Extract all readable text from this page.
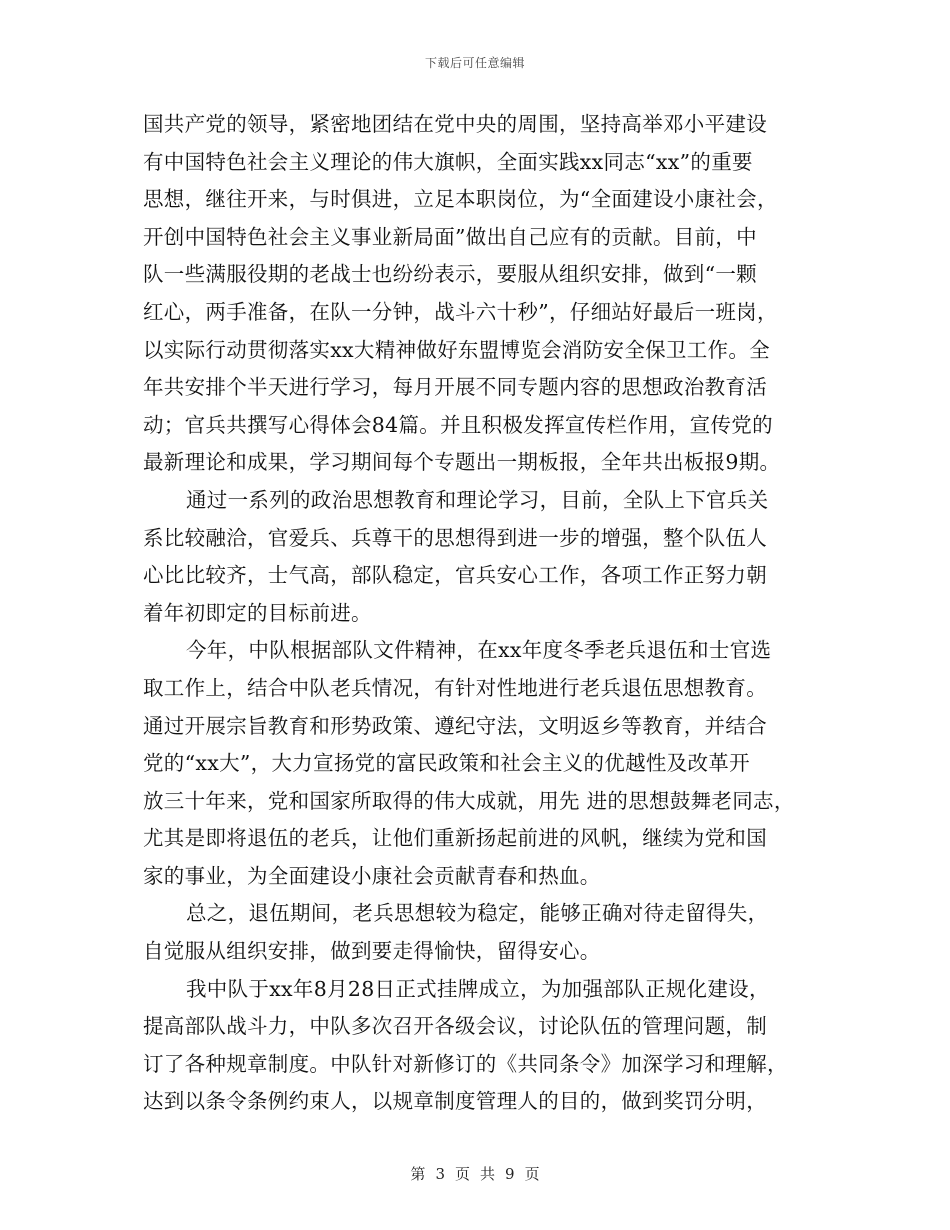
下载后可任意编辑
国共产党的领导，紧密地团结在党中央的周围，坚持高举邓小平建设
有中国特色社会主义理论的伟大旗帜，全面实践xx同志“xx”的重要
思想，继往开来，与时俱进，立足本职岗位，为“全面建设小康社会，
开创中国特色社会主义事业新局面”做出自己应有的贡献。目前，中
队一些满服役期的老战士也纷纷表示，要服从组织安排，做到“一颗
红心，两手准备，在队一分钟，战斗六十秒”，仔细站好最后一班岗，
以实际行动贯彻落实xx大精神做好东盟博览会消防安全保卫工作。全
年共安排个半天进行学习，每月开展不同专题内容的思想政治教育活
动；官兵共撰写心得体会84篇。并且积极发挥宣传栏作用，宣传党的
最新理论和成果，学习期间每个专题出一期板报，全年共出板报9期。
通过一系列的政治思想教育和理论学习，目前，全队上下官兵关
系比较融洽，官爱兵、兵尊干的思想得到进一步的增强，整个队伍人
心比比较齐，士气高，部队稳定，官兵安心工作，各项工作正努力朝
着年初即定的目标前进。
今年，中队根据部队文件精神，在xx年度冬季老兵退伍和士官选
取工作上，结合中队老兵情况，有针对性地进行老兵退伍思想教育。
通过开展宗旨教育和形势政策、遵纪守法，文明返乡等教育，并结合
党的“xx大”，大力宣扬党的富民政策和社会主义的优越性及改革开
放三十年来，党和国家所取得的伟大成就，用先 进的思想鼓舞老同志，
尤其是即将退伍的老兵，让他们重新扬起前进的风帆，继续为党和国
家的事业，为全面建设小康社会贡献青春和热血。
总之，退伍期间，老兵思想较为稳定，能够正确对待走留得失，
自觉服从组织安排，做到要走得愉快，留得安心。
我中队于xx年8月28日正式挂牌成立，为加强部队正规化建设，
提高部队战斗力，中队多次召开各级会议，讨论队伍的管理问题，制
订了各种规章制度。中队针对新修订的《共同条令》加深学习和理解，
达到以条令条例约束人，以规章制度管理人的目的，做到奖罚分明，
第 3 页 共 9 页
